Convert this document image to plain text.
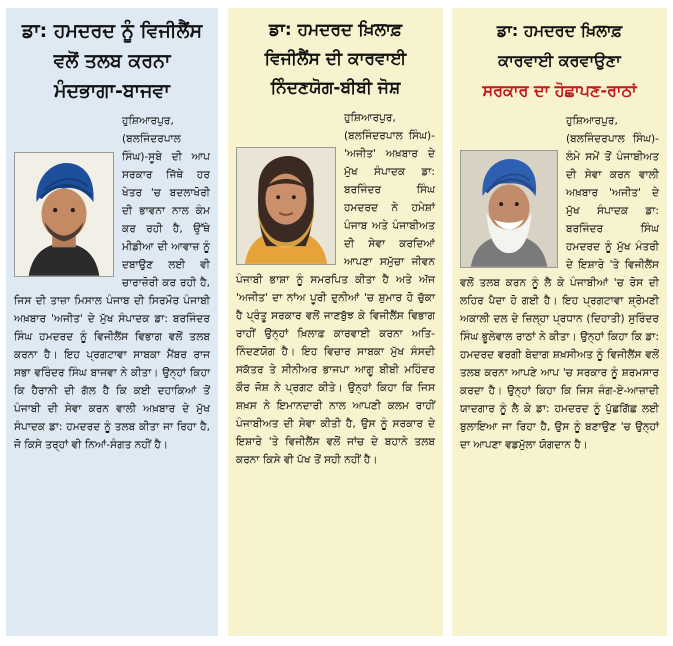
ਡਾ: ਹਮਦਰਦ ਨੂੰ ਵਿਜੀਲੈਂਸ
ਵਲੋਂ ਤਲਬ ਕਰਨਾ
ਮੰਦਭਾਗਾ-ਬਾਜਵਾ

ਹੁਸ਼ਿਆਰਪੁਰ, (ਬਲਜਿੰਦਰਪਾਲ ਸਿੰਘ)-ਸੂਬੇ ਦੀ ਆਪ ਸਰਕਾਰ ਜਿੱਥੇ ਹਰ ਖੇਤਰ 'ਚ ਬਦਲਾਖੋਰੀ ਦੀ ਭਾਵਨਾ ਨਾਲ ਕੰਮ ਕਰ ਰਹੀ ਹੈ, ਉੱਥੇ ਮੀਡੀਆ ਦੀ ਆਵਾਜ਼ ਨੂੰ ਦਬਾਉਣ ਲਈ ਵੀ ਚਾਰਾਜ਼ੋਰੀ ਕਰ ਰਹੀ ਹੈ, ਜਿਸ ਦੀ ਤਾਜ਼ਾ ਮਿਸਾਲ ਪੰਜਾਬ ਦੀ ਸਿਰਮੌਰ ਪੰਜਾਬੀ ਅਖ਼ਬਾਰ 'ਅਜੀਤ' ਦੇ ਮੁੱਖ ਸੰਪਾਦਕ ਡਾ: ਬਰਜਿੰਦਰ ਸਿੰਘ ਹਮਦਰਦ ਨੂੰ ਵਿਜੀਲੈਂਸ ਵਿਭਾਗ ਵਲੋਂ ਤਲਬ ਕਰਨਾ ਹੈ। ਇਹ ਪ੍ਰਗਟਾਵਾ ਸਾਬਕਾ ਮੈਂਬਰ ਰਾਜ ਸਭਾ ਵਰਿੰਦਰ ਸਿੰਘ ਬਾਜਵਾ ਨੇ ਕੀਤਾ। ਉਨ੍ਹਾਂ ਕਿਹਾ ਕਿ ਹੈਰਾਨੀ ਦੀ ਗੱਲ ਹੈ ਕਿ ਕਈ ਦਹਾਕਿਆਂ ਤੋਂ ਪੰਜਾਬੀ ਦੀ ਸੇਵਾ ਕਰਨ ਵਾਲੀ ਅਖ਼ਬਾਰ ਦੇ ਮੁੱਖ ਸੰਪਾਦਕ ਡਾ: ਹਮਦਰਦ ਨੂੰ ਤਲਬ ਕੀਤਾ ਜਾ ਰਿਹਾ ਹੈ, ਜੋ ਕਿਸੇ ਤਰ੍ਹਾਂ ਵੀ ਨਿਆਂ-ਸੰਗਤ ਨਹੀਂ ਹੈ।

ਡਾ: ਹਮਦਰਦ ਖ਼ਿਲਾਫ਼
ਵਿਜੀਲੈਂਸ ਦੀ ਕਾਰਵਾਈ
ਨਿੰਦਣਯੋਗ-ਬੀਬੀ ਜੋਸ਼

ਹੁਸ਼ਿਆਰਪੁਰ, (ਬਲਜਿੰਦਰਪਾਲ ਸਿੰਘ)-'ਅਜੀਤ' ਅਖ਼ਬਾਰ ਦੇ ਮੁੱਖ ਸੰਪਾਦਕ ਡਾ: ਬਰਜਿੰਦਰ ਸਿੰਘ ਹਮਦਰਦ ਨੇ ਹਮੇਸ਼ਾਂ ਪੰਜਾਬ ਅਤੇ ਪੰਜਾਬੀਅਤ ਦੀ ਸੇਵਾ ਕਰਦਿਆਂ ਆਪਣਾ ਸਮੁੱਚਾ ਜੀਵਨ ਪੰਜਾਬੀ ਭਾਸ਼ਾ ਨੂੰ ਸਮਰਪਿਤ ਕੀਤਾ ਹੈ ਅਤੇ ਅੱਜ 'ਅਜੀਤ' ਦਾ ਨਾਂਅ ਪੂਰੀ ਦੁਨੀਆਂ 'ਚ ਸ਼ੁਮਾਰ ਹੋ ਚੁੱਕਾ ਹੈ ਪ੍ਰੰਤੂ ਸਰਕਾਰ ਵਲੋਂ ਜਾਣਬੁੱਝ ਕੇ ਵਿਜੀਲੈਂਸ ਵਿਭਾਗ ਰਾਹੀਂ ਉਨ੍ਹਾਂ ਖ਼ਿਲਾਫ਼ ਕਾਰਵਾਈ ਕਰਨਾ ਅਤਿ-ਨਿੰਦਣਯੋਗ ਹੈ। ਇਹ ਵਿਚਾਰ ਸਾਬਕਾ ਮੁੱਖ ਸੰਸਦੀ ਸਕੱਤਰ ਤੇ ਸੀਨੀਅਰ ਭਾਜਪਾ ਆਗੂ ਬੀਬੀ ਮਹਿੰਦਰ ਕੌਰ ਜੋਸ਼ ਨੇ ਪ੍ਰਗਟ ਕੀਤੇ। ਉਨ੍ਹਾਂ ਕਿਹਾ ਕਿ ਜਿਸ ਸ਼ਖ਼ਸ ਨੇ ਇਮਾਨਦਾਰੀ ਨਾਲ ਆਪਣੀ ਕਲਮ ਰਾਹੀਂ ਪੰਜਾਬੀਅਤ ਦੀ ਸੇਵਾ ਕੀਤੀ ਹੈ, ਉਸ ਨੂੰ ਸਰਕਾਰ ਦੇ ਇਸ਼ਾਰੇ 'ਤੇ ਵਿਜੀਲੈਂਸ ਵਲੋਂ ਜਾਂਚ ਦੇ ਬਹਾਨੇ ਤਲਬ ਕਰਨਾ ਕਿਸੇ ਵੀ ਪੱਖ ਤੋਂ ਸਹੀ ਨਹੀਂ ਹੈ।

ਡਾ: ਹਮਦਰਦ ਖ਼ਿਲਾਫ਼
ਕਾਰਵਾਈ ਕਰਵਾਉਣਾ
ਸਰਕਾਰ ਦਾ ਹੋਛਾਪਣ-ਰਾਠਾਂ

ਹੁਸ਼ਿਆਰਪੁਰ, (ਬਲਜਿੰਦਰਪਾਲ ਸਿੰਘ)-ਲੰਮੇ ਸਮੇਂ ਤੋਂ ਪੰਜਾਬੀਅਤ ਦੀ ਸੇਵਾ ਕਰਨ ਵਾਲੀ ਅਖ਼ਬਾਰ 'ਅਜੀਤ' ਦੇ ਮੁੱਖ ਸੰਪਾਦਕ ਡਾ: ਬਰਜਿੰਦਰ ਸਿੰਘ ਹਮਦਰਦ ਨੂੰ ਮੁੱਖ ਮੰਤਰੀ ਦੇ ਇਸ਼ਾਰੇ 'ਤੇ ਵਿਜੀਲੈਂਸ ਵਲੋਂ ਤਲਬ ਕਰਨ ਨੂੰ ਲੈ ਕੇ ਪੰਜਾਬੀਆਂ 'ਚ ਰੋਸ ਦੀ ਲਹਿਰ ਪੈਦਾ ਹੋ ਗਈ ਹੈ। ਇਹ ਪ੍ਰਗਟਾਵਾ ਸ਼੍ਰੋਮਣੀ ਅਕਾਲੀ ਦਲ ਦੇ ਜ਼ਿਲ੍ਹਾ ਪ੍ਰਧਾਨ (ਦਿਹਾਤੀ) ਸੁਰਿੰਦਰ ਸਿੰਘ ਭੂਲੇਵਾਲ ਰਾਠਾਂ ਨੇ ਕੀਤਾ। ਉਨ੍ਹਾਂ ਕਿਹਾ ਕਿ ਡਾ: ਹਮਦਰਦ ਵਰਗੀ ਬੇਦਾਗ ਸ਼ਖ਼ਸੀਅਤ ਨੂੰ ਵਿਜੀਲੈਂਸ ਵਲੋਂ ਤਲਬ ਕਰਨਾ ਆਪਣੇ ਆਪ 'ਚ ਸਰਕਾਰ ਨੂੰ ਸ਼ਰਮਸਾਰ ਕਰਦਾ ਹੈ। ਉਨ੍ਹਾਂ ਕਿਹਾ ਕਿ ਜਿਸ ਜੰਗ-ਏ-ਆਜ਼ਾਦੀ ਯਾਦਗਾਰ ਨੂੰ ਲੈ ਕੇ ਡਾ: ਹਮਦਰਦ ਨੂੰ ਪੁੱਛਗਿੱਛ ਲਈ ਬੁਲਾਇਆ ਜਾ ਰਿਹਾ ਹੈ, ਉਸ ਨੂੰ ਬਣਾਉਣ 'ਚ ਉਨ੍ਹਾਂ ਦਾ ਆਪਣਾ ਵਡਮੁੱਲਾ ਯੋਗਦਾਨ ਹੈ।
